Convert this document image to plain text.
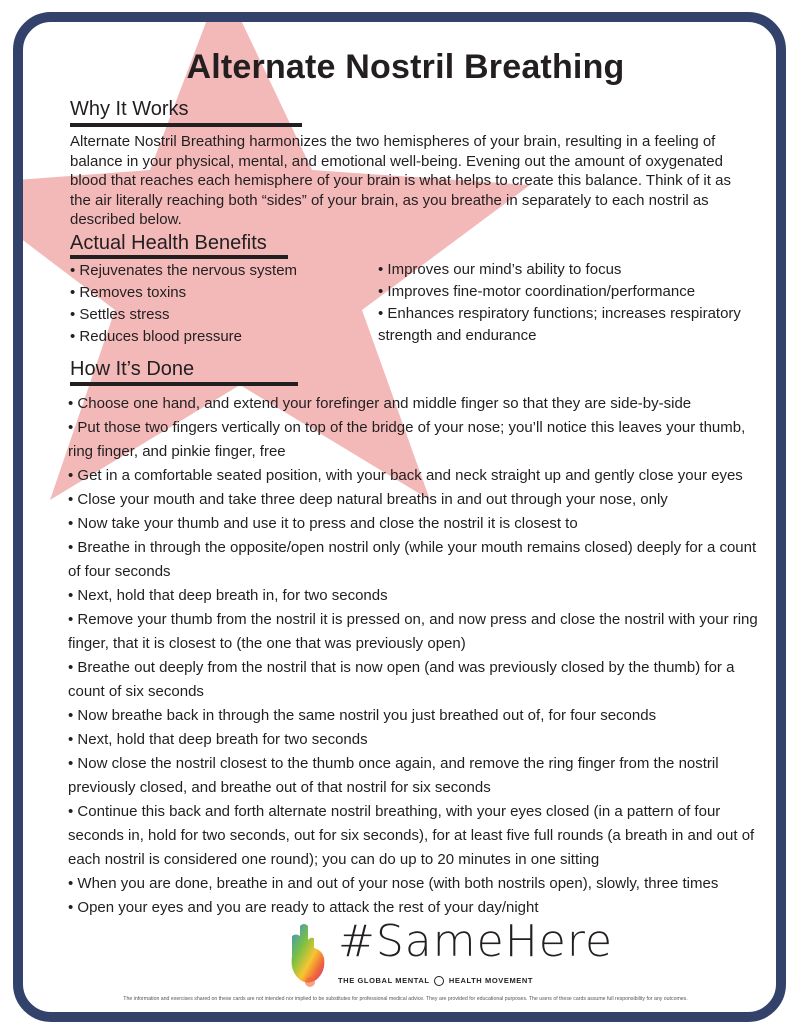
Alternate Nostril Breathing
Why It Works

Alternate Nostril Breathing harmonizes the two hemispheres of your brain, resulting in a feeling of balance in your physical, mental, and emotional well-being. Evening out the amount of oxygenated blood that reaches each hemisphere of your brain is what helps to create this balance. Think of it as the air literally reaching both “sides” of your brain, as you breathe in separately to each nostril as described below.

Actual Health Benefits
• Rejuvenates the nervous system
• Removes toxins
• Settles stress
• Reduces blood pressure
• Improves our mind’s ability to focus
• Improves fine-motor coordination/performance
• Enhances respiratory functions; increases respiratory strength and endurance
How It’s Done
• Choose one hand, and extend your forefinger and middle finger so that they are side-by-side
• Put those two fingers vertically on top of the bridge of your nose; you’ll notice this leaves your thumb, ring finger, and pinkie finger, free
• Get in a comfortable seated position, with your back and neck straight up and gently close your eyes
• Close your mouth and take three deep natural breaths in and out through your nose, only
• Now take your thumb and use it to press and close the nostril it is closest to
• Breathe in through the opposite/open nostril only (while your mouth remains closed) deeply for a count of four seconds
• Next, hold that deep breath in, for two seconds
• Remove your thumb from the nostril it is pressed on, and now press and close the nostril with your ring finger, that it is closest to (the one that was previously open)
• Breathe out deeply from the nostril that is now open (and was previously closed by the thumb) for a count of six seconds
• Now breathe back in through the same nostril you just breathed out of, for four seconds
• Next, hold that deep breath for two seconds
• Now close the nostril closest to the thumb once again, and remove the ring finger from the nostril previously closed, and breathe out of that nostril for six seconds
• Continue this back and forth alternate nostril breathing, with your eyes closed (in a pattern of four seconds in, hold for two seconds, out for six seconds), for at least five full rounds (a breath in and out of each nostril is considered one round); you can do up to 20 minutes in one sitting
• When you are done, breathe in and out of your nose (with both nostrils open), slowly, three times
• Open your eyes and you are ready to attack the rest of your day/night
#SameHere
THE GLOBAL MENTAL	HEALTH MOVEMENT
The information and exercises shared on these cards are not intended nor implied to be substitutes for professional medical advice. They are provided for educational purposes. The users of these cards assume full responsibility for any outcomes.
